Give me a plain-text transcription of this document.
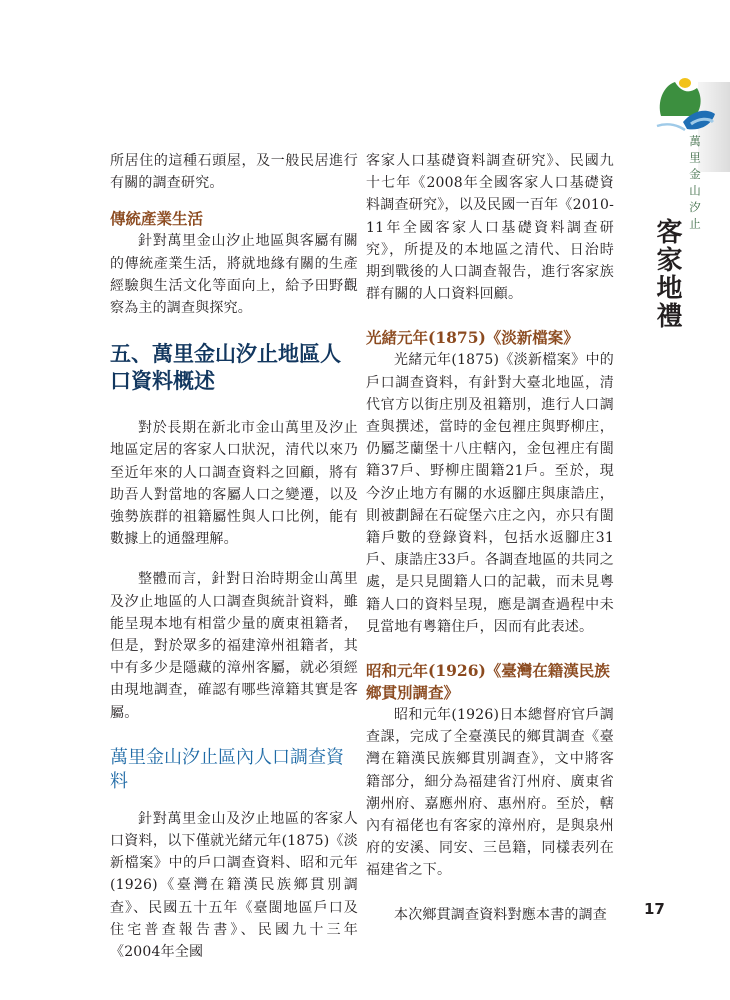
萬里金山汐止
客家地禮

所居住的這種石頭屋，及一般民居進行有關的調查研究。

傳統產業生活

針對萬里金山汐止地區與客屬有關的傳統產業生活，將就地緣有關的生產經驗與生活文化等面向上，給予田野觀察為主的調查與探究。

五、萬里金山汐止地區人口資料概述

對於長期在新北市金山萬里及汐止地區定居的客家人口狀況，清代以來乃至近年來的人口調查資料之回顧，將有助吾人對當地的客屬人口之變遷，以及強勢族群的祖籍屬性與人口比例，能有數據上的通盤理解。

整體而言，針對日治時期金山萬里及汐止地區的人口調查與統計資料，雖能呈現本地有相當少量的廣東祖籍者，但是，對於眾多的福建漳州祖籍者，其中有多少是隱藏的漳州客屬，就必須經由現地調查，確認有哪些漳籍其實是客屬。

萬里金山汐止區內人口調查資料

針對萬里金山及汐止地區的客家人口資料，以下僅就光緒元年(1875)《淡新檔案》中的戶口調查資料、昭和元年(1926)《臺灣在籍漢民族鄉貫別調查》、民國五十五年《臺閩地區戶口及住宅普查報告書》、民國九十三年《2004年全國

客家人口基礎資料調查研究》、民國九十七年《2008年全國客家人口基礎資料調查研究》，以及民國一百年《2010-11年全國客家人口基礎資料調查研究》，所提及的本地區之清代、日治時期到戰後的人口調查報告，進行客家族群有關的人口資料回顧。

光緒元年(1875)《淡新檔案》

光緒元年(1875)《淡新檔案》中的戶口調查資料，有針對大臺北地區，清代官方以街庄別及祖籍別，進行人口調查與撰述，當時的金包裡庄與野柳庄，仍屬芝蘭堡十八庄轄內，金包裡庄有閩籍37戶、野柳庄閩籍21戶。至於，現今汐止地方有關的水返腳庄與康誥庄，則被劃歸在石碇堡六庄之內，亦只有閩籍戶數的登錄資料，包括水返腳庄31戶、康誥庄33戶。各調查地區的共同之處，是只見閩籍人口的記載，而未見粵籍人口的資料呈現，應是調查過程中未見當地有粵籍住戶，因而有此表述。

昭和元年(1926)《臺灣在籍漢民族鄉貫別調查》

昭和元年(1926)日本總督府官戶調查課，完成了全臺漢民的鄉貫調查《臺灣在籍漢民族鄉貫別調查》，文中將客籍部分，細分為福建省汀州府、廣東省潮州府、嘉應州府、惠州府。至於，轄內有福佬也有客家的漳州府，是與泉州府的安溪、同安、三邑籍，同樣表列在福建省之下。

本次鄉貫調查資料對應本書的調查	17
